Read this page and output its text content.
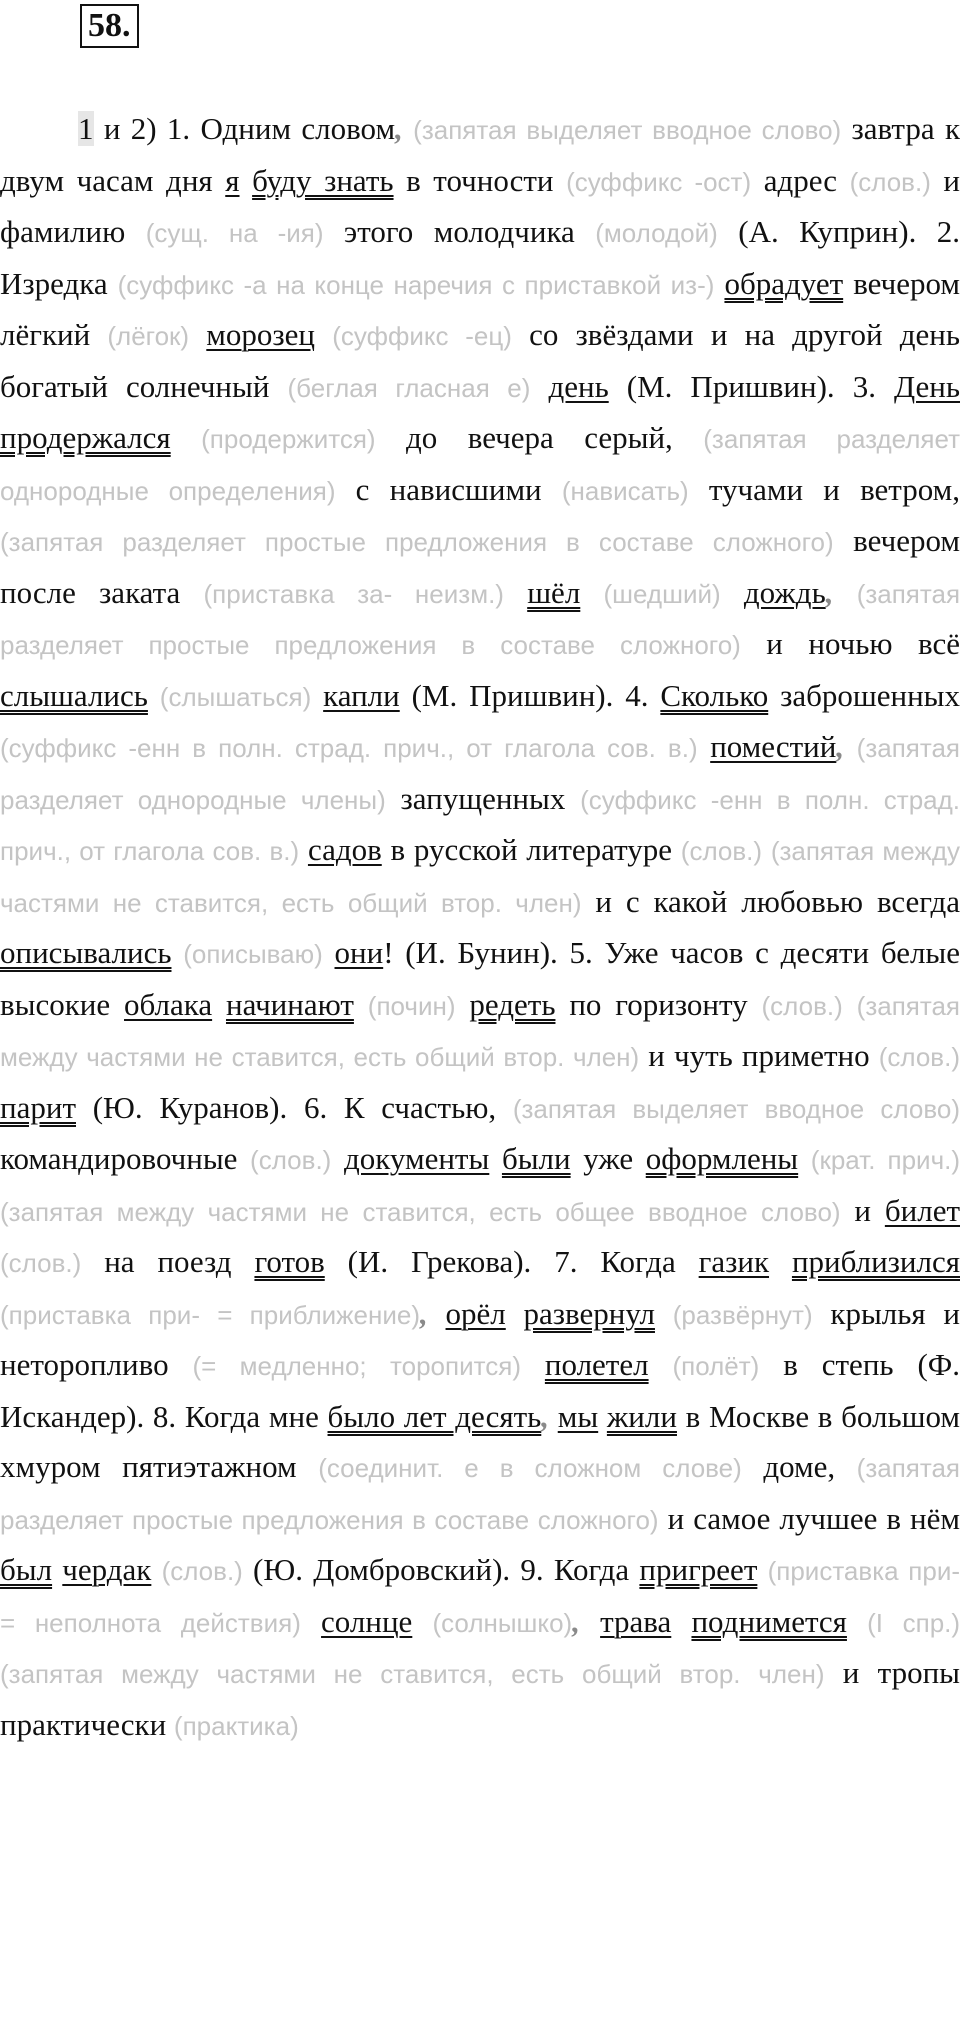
58.
1 и 2) 1. Одним словом, (запятая выделяет вводное слово) завтра к двум часам дня я буду знать в точности (суффикс -ост) адрес (слов.) и фамилию (сущ. на -ия) этого молодчика (молодой) (А. Куприн). 2. Изредка (суффикс -а на конце наречия с приставкой из-) обрадует вечером лёгкий (лёгок) морозец (суффикс -ец) со звёздами и на другой день богатый солнечный (беглая гласная е) день (М. Пришвин). 3. День продержался (продержится) до вечера серый, (запятая разделяет однородные определения) с нависшими (нависать) тучами и ветром, (запятая разделяет простые предложения в составе сложного) вечером после заката (приставка за- неизм.) шёл (шедший) дождь, (запятая разделяет простые предложения в составе сложного) и ночью всё слышались (слышаться) капли (М. Пришвин). 4. Сколько заброшенных (суффикс -енн в полн. страд. прич., от глагола сов. в.) поместий, (запятая разделяет однородные члены) запущенных (суффикс -енн в полн. страд. прич., от глагола сов. в.) садов в русской литературе (слов.) (запятая между частями не ставится, есть общий втор. член) и с какой любовью всегда описывались (описываю) они! (И. Бунин). 5. Уже часов с десяти белые высокие облака начинают (почин) редеть по горизонту (слов.) (запятая между частями не ставится, есть общий втор. член) и чуть приметно (слов.) парит (Ю. Куранов). 6. К счастью, (запятая выделяет вводное слово) командировочные (слов.) документы были уже оформлены (крат. прич.) (запятая между частями не ставится, есть общее вводное слово) и билет (слов.) на поезд готов (И. Грекова). 7. Когда газик приблизился (приставка при- = приближение), орёл развернул (развёрнут) крылья и неторопливо (= медленно; торопится) полетел (полёт) в степь (Ф. Искандер). 8. Когда мне было лет десять, мы жили в Москве в большом хмуром пятиэтажном (соединит. е в сложном слове) доме, (запятая разделяет простые предложения в составе сложного) и самое лучшее в нём был чердак (слов.) (Ю. Домбровский). 9. Когда пригреет (приставка при- = неполнота действия) солнце (солнышко), трава поднимется (I спр.) (запятая между частями не ставится, есть общий втор. член) и тропы практически (практика)
